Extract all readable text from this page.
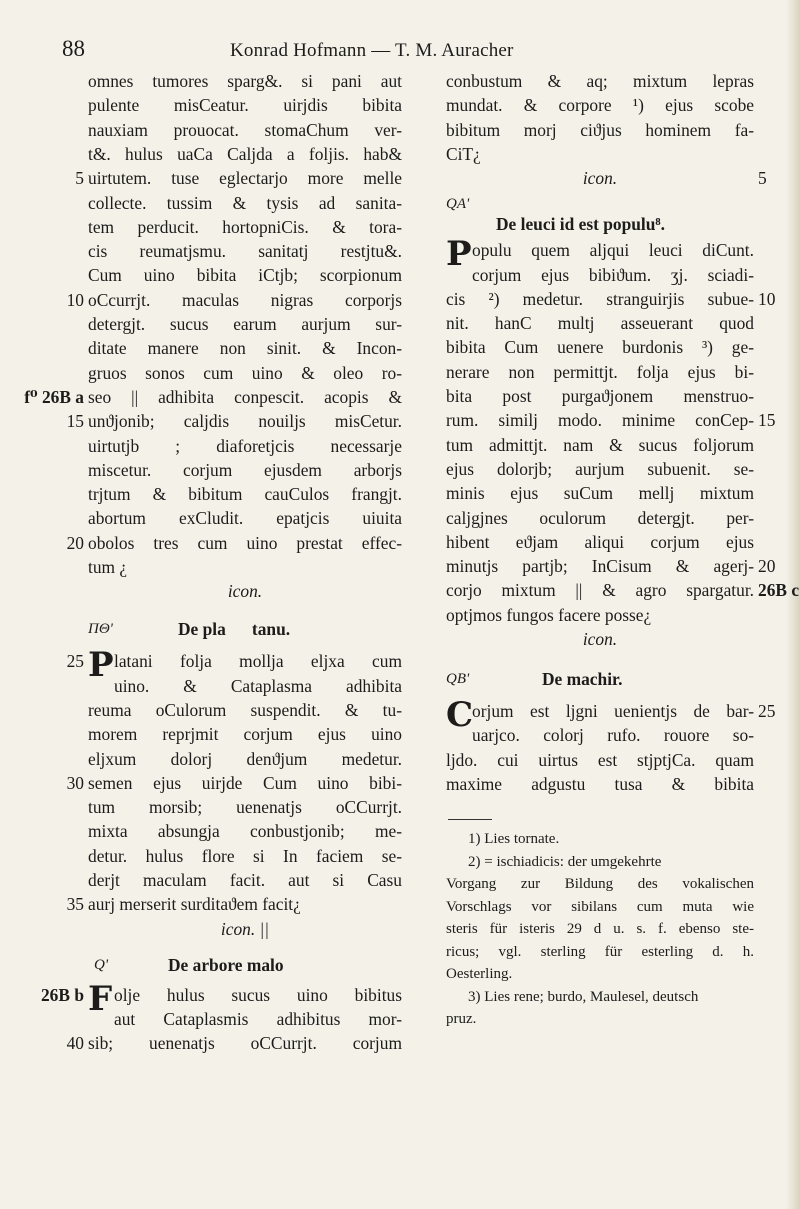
88	Konrad Hofmann — T. M. Auracher
omnes tumores sparg&. si pani aut
pulente misCeatur. uirjdis bibita
nauxiam prouocat. stomaChum ver-
t&. hulus uaCa Caljda a foljis. hab&
uirtutem. tuse eglectarjo more melle
5
collecte. tussim & tysis ad sanita-
tem perducit. hortopniCis. & tora-
cis reumatjsmu. sanitatj restjtu&.
Cum uino bibita iCtjb; scorpionum
oCcurrjt. maculas nigras corporjs
10
detergjt. sucus earum aurjum sur-
ditate manere non sinit. & Incon-
gruos sonos cum uino & oleo ro-
seo || adhibita conpescit. acopis &
f⁰ 26B a
unϑjonib; caljdis nouiljs misCetur.
15
uirtutjb ; diaforetjcis necessarje
miscetur. corjum ejusdem arborjs
trjtum & bibitum cauCulos frangjt.
abortum exCludit. epatjcis uiuita
obolos tres cum uino prestat effec-
20
tum ¿
icon.
ΠΘ'	De pla      tanu.
latani folja mollja eljxa cum
25 P
uino. & Cataplasma adhibita
reuma oCulorum suspendit. & tu-
morem reprjmit corjum ejus uino
eljxum dolorj denϑjum medetur.
semen ejus uirjde Cum uino bibi-
30
tum morsib; uenenatjs oCCurrjt.
mixta absungja conbustjonib; me-
detur. hulus flore si In faciem se-
derjt maculam facit. aut si Casu
aurj merserit surditaϑem facit¿
35
icon. ||
Q'	De arbore malo
olje hulus sucus uino bibitus
26B b F
aut Cataplasmis adhibitus mor-
sib; uenenatjs oCCurrjt. corjum
40
conbustum & aq; mixtum lepras
mundat. & corpore ¹) ejus scobe
bibitum morj ciϑjus hominem fa-
CiT¿
icon.	5
QA'
De leuci id est populu⁸.
opulu quem aljqui leuci diCunt.
P
corjum ejus bibiϑum. ʒj. sciadi-
cis ²) medetur. stranguirjis subue- 10
nit. hanC multj asseuerant quod
bibita Cum uenere burdonis ³) ge-
nerare non permittjt. folja ejus bi-
bita post purgaϑjonem menstruo-
rum. similj modo. minime conCep- 15
tum admittjt. nam & sucus foljorum
ejus dolorjb; aurjum subuenit. se-
minis ejus suCum mellj mixtum
caljgjnes oculorum detergjt. per-
hibent eϑjam aliqui corjum ejus
minutjs partjb; InCisum & agerj- 20
corjo mixtum || & agro spargatur. 26B c
optjmos fungos facere posse¿
icon.
QB'	De machir.
orjum est ljgni uenientjs de bar- 25
C
uarjco. colorj rufo. rouore so-
ljdo. cui uirtus est stjptjCa. quam
maxime adgustu tusa & bibita
1) Lies tornate.
2) = ischiadicis: der umgekehrte
Vorgang zur Bildung des vokalischen
Vorschlags vor sibilans cum muta wie
steris für isteris 29 d u. s. f. ebenso ste-
ricus; vgl. sterling für esterling d. h.
Oesterling.
3) Lies rene; burdo, Maulesel, deutsch
pruz.
